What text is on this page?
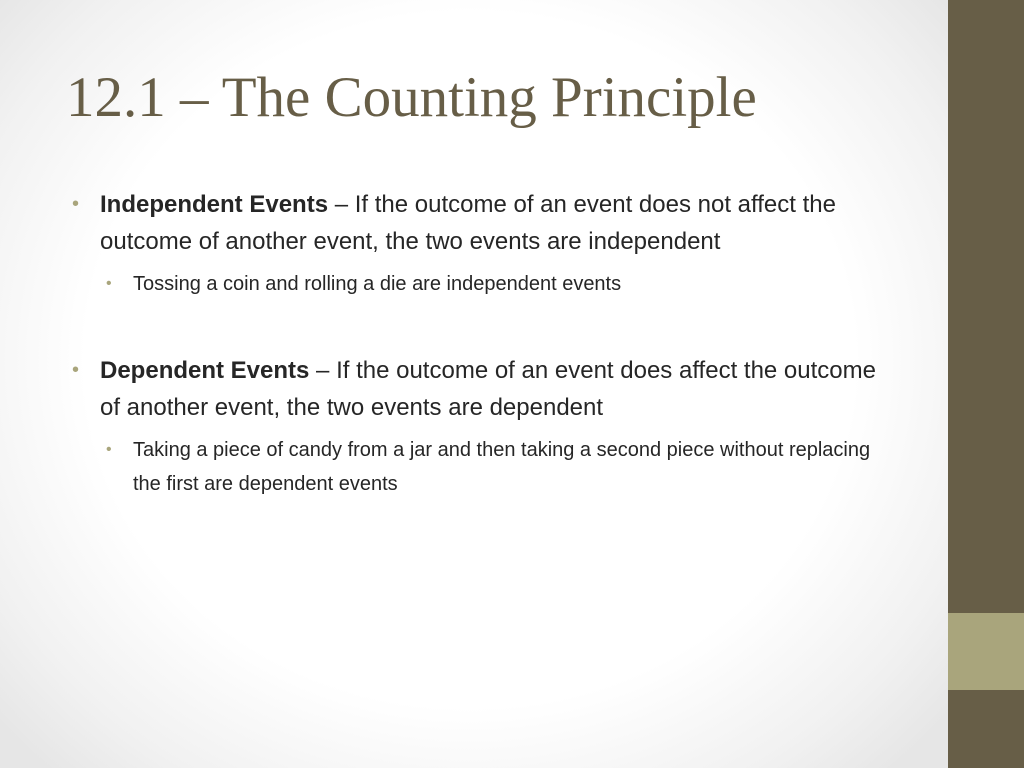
12.1 – The Counting Principle
• Independent Events – If the outcome of an event does not affect the outcome of another event, the two events are independent
• Tossing a coin and rolling a die are independent events
• Dependent Events – If the outcome of an event does affect the outcome of another event, the two events are dependent
• Taking a piece of candy from a jar and then taking a second piece without replacing the first are dependent events
